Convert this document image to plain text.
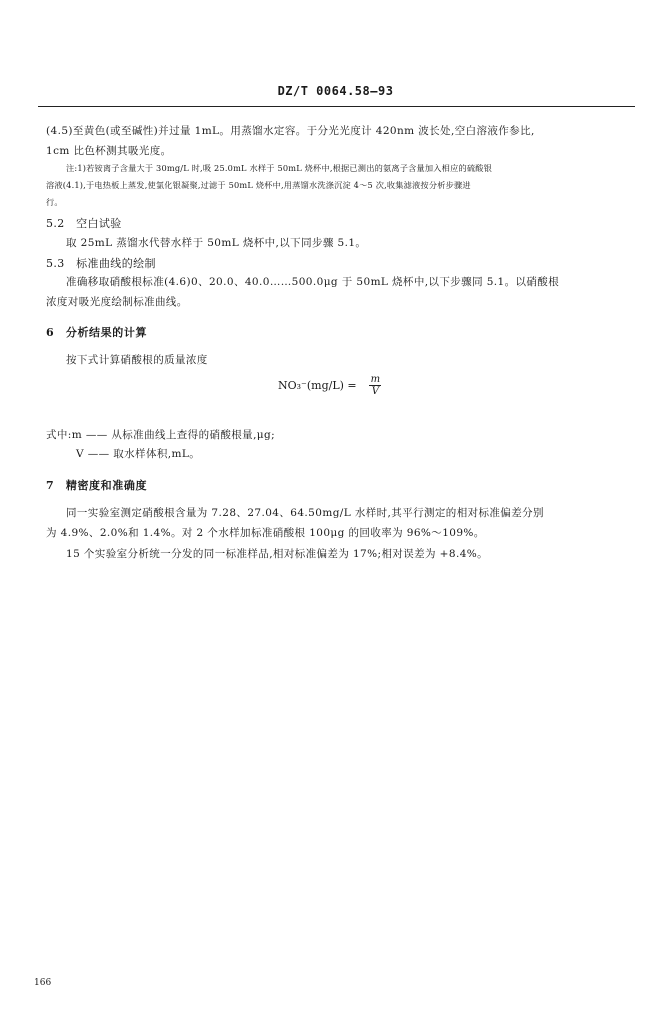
DZ/T 0064.58—93
(4.5)至黄色(或至碱性)并过量 1mL。用蒸馏水定容。于分光光度计 420nm 波长处,空白溶液作参比,
1cm 比色杯测其吸光度。
注:1)若铵离子含量大于 30mg/L 时,吸 25.0mL 水样于 50mL 烧杯中,根据已测出的氨离子含量加入相应的硫酸银
溶液(4.1),于电热板上蒸发,使氯化银凝聚,过滤于 50mL 烧杯中,用蒸馏水洗涤沉淀 4～5 次,收集滤液按分析步骤进
行。
5.2　空白试验
取 25mL 蒸馏水代替水样于 50mL 烧杯中,以下同步骤 5.1。
5.3　标准曲线的绘制
准确移取硝酸根标准(4.6)0、20.0、40.0……500.0μg 于 50mL 烧杯中,以下步骤同 5.1。以硝酸根
浓度对吸光度绘制标准曲线。
6　分析结果的计算
按下式计算硝酸根的质量浓度
$NO_3^-(mg/L) = \frac{m}{V}$
式中:m —— 从标准曲线上查得的硝酸根量,μg;
V —— 取水样体积,mL。
7　精密度和准确度
同一实验室测定硝酸根含量为 7.28、27.04、64.50mg/L 水样时,其平行测定的相对标准偏差分别
为 4.9%、2.0%和 1.4%。对 2 个水样加标准硝酸根 100μg 的回收率为 96%～109%。
15 个实验室分析统一分发的同一标准样品,相对标准偏差为 17%;相对误差为 +8.4%。
166
